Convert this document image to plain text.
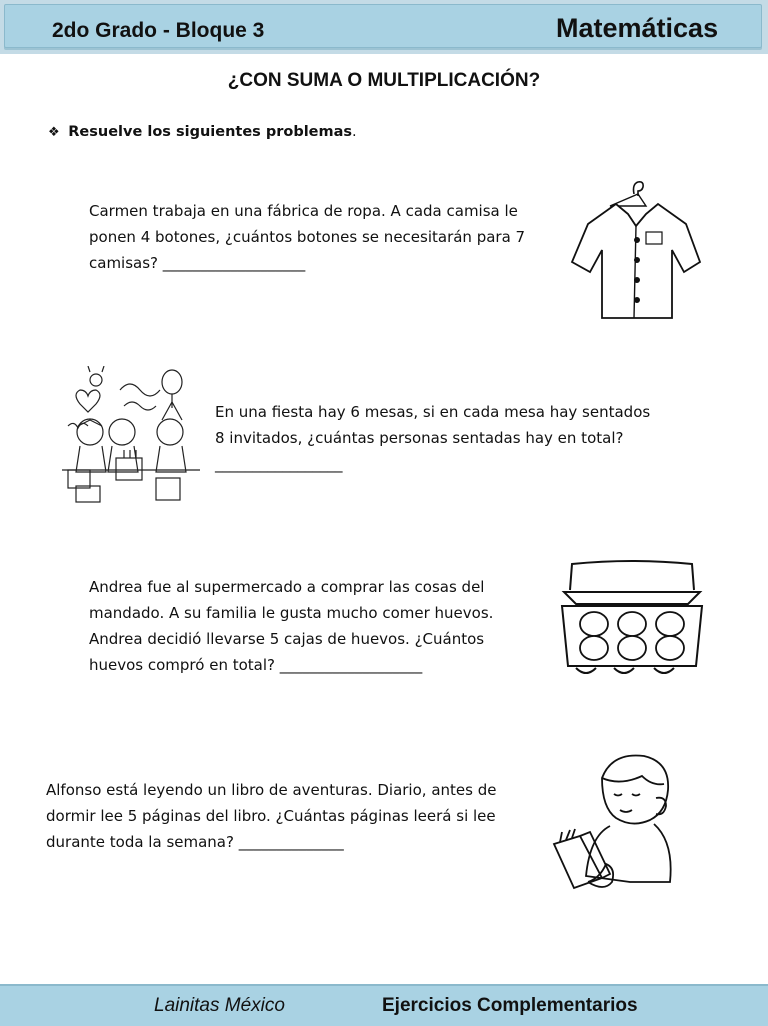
2do Grado - Bloque 3	Matemáticas
¿CON SUMA O MULTIPLICACIÓN?
❖ Resuelve los siguientes problemas.

Carmen trabaja en una fábrica de ropa. A cada camisa le

ponen 4 botones, ¿cuántos botones se necesitarán para 7

camisas? ___________________

En una fiesta hay 6 mesas, si en cada mesa hay sentados

8 invitados, ¿cuántas personas sentadas hay en total?

_________________

Andrea fue al supermercado a comprar las cosas del

mandado. A su familia le gusta mucho comer huevos.

Andrea decidió llevarse 5 cajas de huevos. ¿Cuántos

huevos compró en total? ___________________

Alfonso está leyendo un libro de aventuras. Diario, antes de

dormir lee 5 páginas del libro. ¿Cuántas páginas leerá si lee

durante toda la semana? ______________

Lainitas México	Ejercicios Complementarios
